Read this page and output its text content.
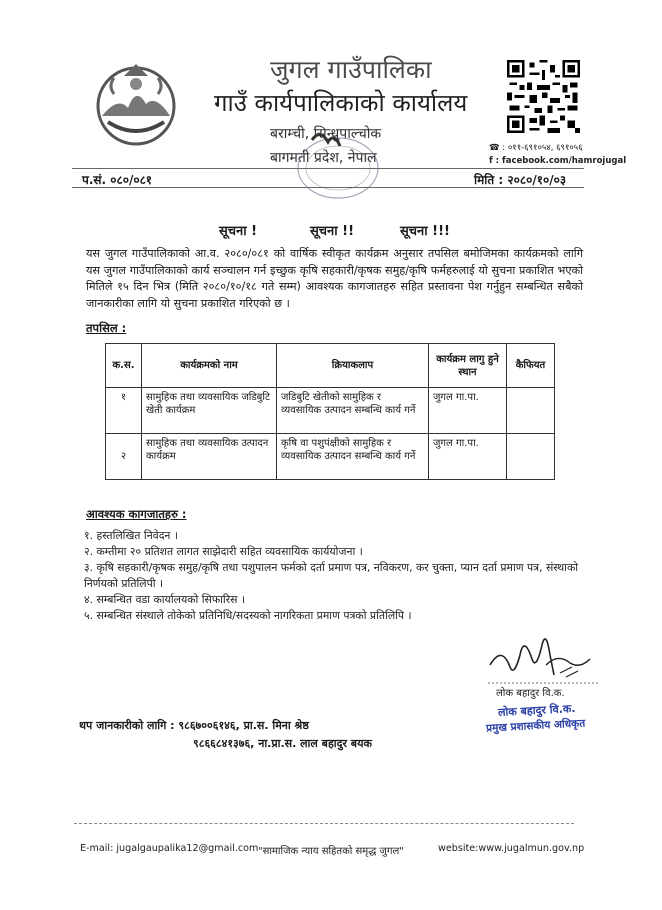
जुगल गाउँपालिका
गाउँ कार्यपालिकाको कार्यालय
बराम्ची, सिन्धुपाल्चोक
बागमती प्रदेश, नेपाल
☎ : ०११-६९१०५४, ६९१०५६
f : facebook.com/hamrojugal
प.सं. ०८०/०८१	मिति : २०८०/१०/०३
सूचना !	सूचना !!	सूचना !!!

यस जुगल गाउँपालिकाको आ.व. २०८०/०८१ को वार्षिक स्वीकृत कार्यक्रम अनुसार तपसिल बमोजिमका कार्यक्रमको लागि यस जुगल गाउँपालिकाको कार्य सञ्चालन गर्न इच्छुक कृषि सहकारी/कृषक समुह/कृषि फर्महरुलाई यो सुचना प्रकाशित भएको मितिले १५ दिन भित्र (मिति २०८०/१०/१८ गते सम्म) आवश्यक कागजातहरु सहित प्रस्तावना पेश गर्नुहुन सम्बन्धित सबैको जानकारीका लागि यो सुचना प्रकाशित गरिएको छ ।

तपसिल :
क.स.	कार्यक्रमको नाम	क्रियाकलाप	कार्यक्रम लागु हुने स्थान	कैफियत
१	सामुहिक तथा व्यवसायिक जडिबुटि खेती कार्यक्रम	जडिबुटि खेतीको सामुहिक र व्यवसायिक उत्पादन सम्बन्धि कार्य गर्ने	जुगल गा.पा.	
२	सामुहिक तथा व्यवसायिक उत्पादन कार्यक्रम	कृषि वा पशुपंक्षीको सामुहिक र व्यवसायिक उत्पादन सम्बन्धि कार्य गर्ने	जुगल गा.पा.	
आवश्यक कागजातहरु :
१. हस्तलिखित निवेदन ।
२. कम्तीमा २० प्रतिशत लागत साझेदारी सहित व्यवसायिक कार्ययोजना ।
३. कृषि सहकारी/कृषक समुह/कृषि तथा पशुपालन फर्मको दर्ता प्रमाण पत्र, नविकरण, कर चुक्ता, प्यान दर्ता प्रमाण पत्र, संस्थाको निर्णयको प्रतिलिपी ।
४. सम्बन्धित वडा कार्यालयको सिफारिस ।
५. सम्बन्धित संस्थाले तोकेको प्रतिनिधि/सदस्यको नागरिकता प्रमाण पत्रको प्रतिलिपि ।
लोक बहादुर वि.क.
लोक बहादुर वि.क.
प्रमुख प्रशासकीय अधिकृत
थप जानकारीको लागि : ९८६७००६१४६, प्रा.स. मिना श्रेष्ठ
९८६६८४१३७६, ना.प्रा.स. लाल बहादुर बयक
E-mail: jugalgaupalika12@gmail.com "सामाजिक न्याय सहितको समृद्ध जुगल"	website:www.jugalmun.gov.np
